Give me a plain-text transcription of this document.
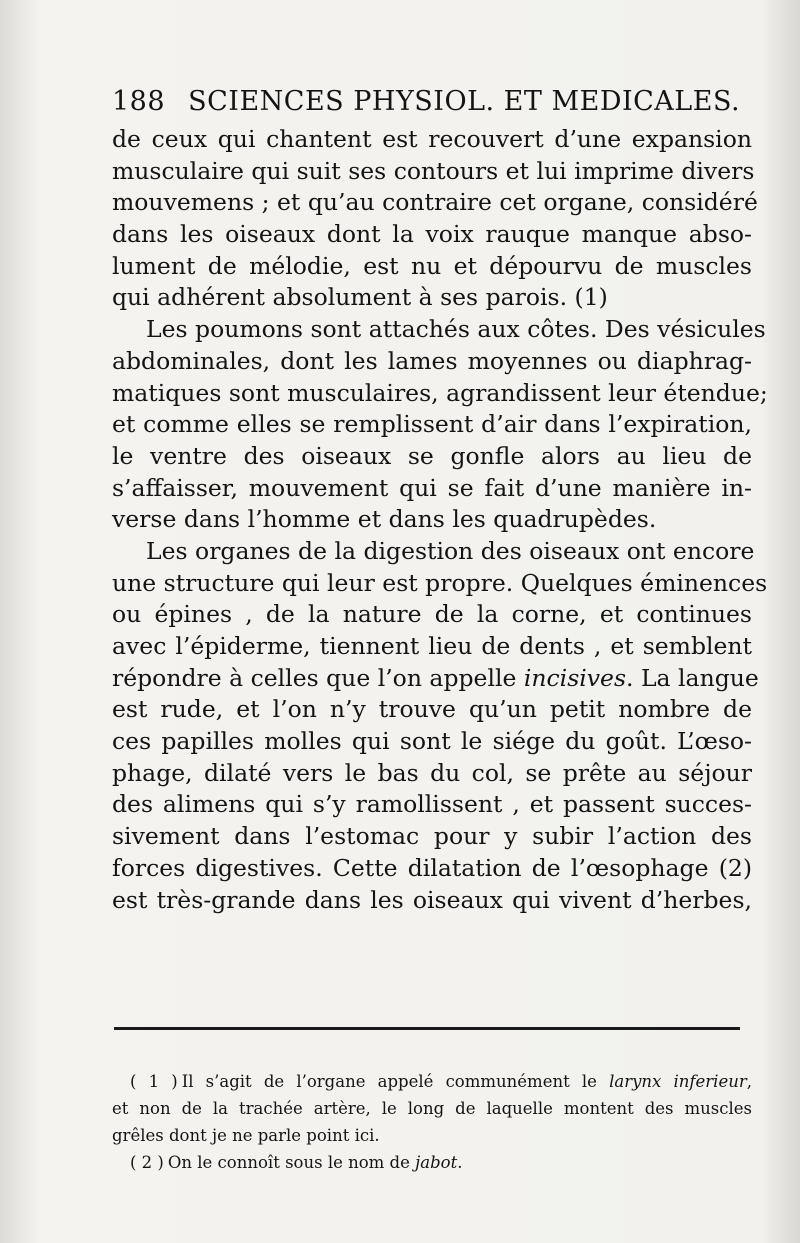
188 SCIENCES PHYSIOL. ET MEDICALES.
de ceux qui chantent est recouvert d’une expansion
musculaire qui suit ses contours et lui imprime divers
mouvemens ; et qu’au contraire cet organe, considéré
dans les oiseaux dont la voix rauque manque abso-
lument de mélodie, est nu et dépourvu de muscles
qui adhérent absolument à ses parois. (1)
Les poumons sont attachés aux côtes. Des vésicules
abdominales, dont les lames moyennes ou diaphrag-
matiques sont musculaires, agrandissent leur étendue;
et comme elles se remplissent d’air dans l’expiration,
le ventre des oiseaux se gonfle alors au lieu de
s’affaisser, mouvement qui se fait d’une manière in-
verse dans l’homme et dans les quadrupèdes.
Les organes de la digestion des oiseaux ont encore
une structure qui leur est propre. Quelques éminences
ou épines , de la nature de la corne, et continues
avec l’épiderme, tiennent lieu de dents , et semblent
répondre à celles que l’on appelle incisives. La langue
est rude, et l’on n’y trouve qu’un petit nombre de
ces papilles molles qui sont le siége du goût. L’œso-
phage, dilaté vers le bas du col, se prête au séjour
des alimens qui s’y ramollissent , et passent succes-
sivement dans l’estomac pour y subir l’action des
forces digestives. Cette dilatation de l’œsophage (2)
est très-grande dans les oiseaux qui vivent d’herbes,
( 1 ) Il s’agit de l’organe appelé communément le larynx inferieur,
et non de la trachée artère, le long de laquelle montent des muscles
grêles dont je ne parle point ici.
( 2 ) On le connoît sous le nom de jabot.
